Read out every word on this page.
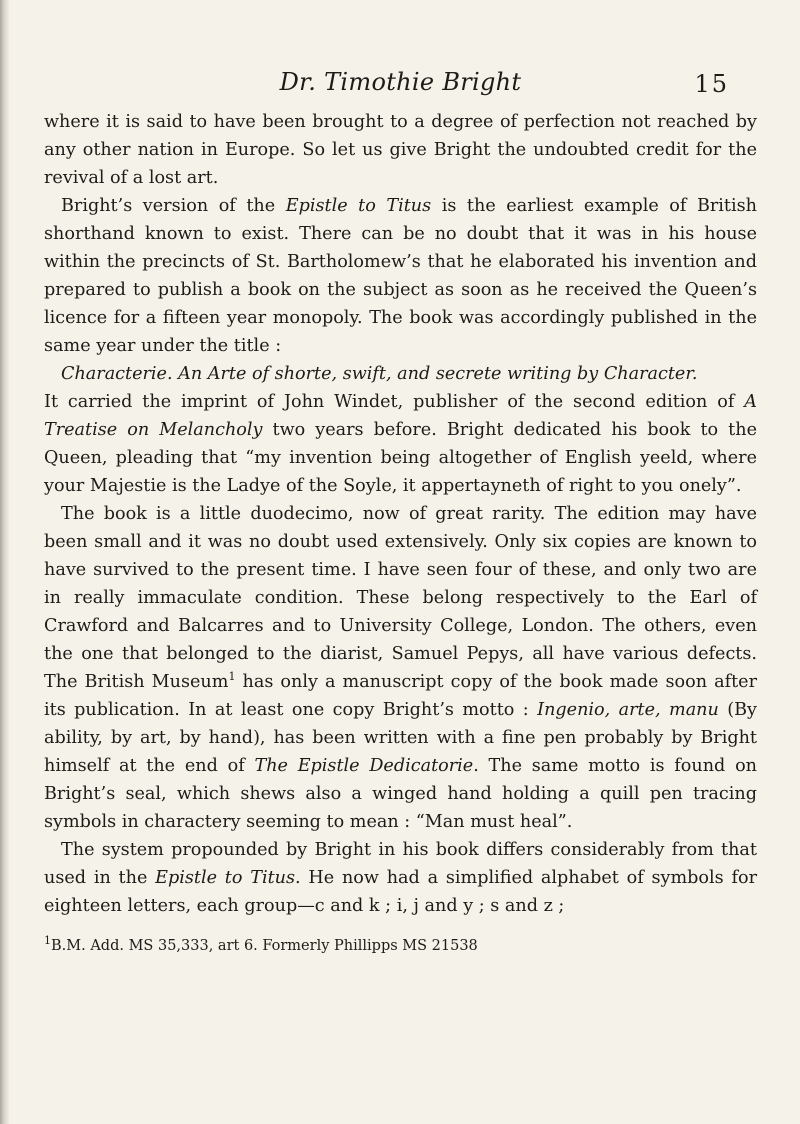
Dr. Timothie Bright	15

where it is said to have been brought to a degree of perfection not reached by any other nation in Europe. So let us give Bright the undoubted credit for the revival of a lost art.

Bright’s version of the Epistle to Titus is the earliest example of British shorthand known to exist. There can be no doubt that it was in his house within the precincts of St. Bartholomew’s that he elaborated his invention and prepared to publish a book on the subject as soon as he received the Queen’s licence for a fifteen year monopoly. The book was accordingly published in the same year under the title :

Characterie. An Arte of shorte, swift, and secrete writing by Character.

It carried the imprint of John Windet, publisher of the second edition of A Treatise on Melancholy two years before. Bright dedicated his book to the Queen, pleading that “my invention being altogether of English yeeld, where your Majestie is the Ladye of the Soyle, it appertayneth of right to you onely”.

The book is a little duodecimo, now of great rarity. The edition may have been small and it was no doubt used extensively. Only six copies are known to have survived to the present time. I have seen four of these, and only two are in really immaculate condition. These belong respectively to the Earl of Crawford and Balcarres and to University College, London. The others, even the one that belonged to the diarist, Samuel Pepys, all have various defects. The British Museum$^1$ has only a manuscript copy of the book made soon after its publication. In at least one copy Bright’s motto : Ingenio, arte, manu (By ability, by art, by hand), has been written with a fine pen probably by Bright himself at the end of The Epistle Dedicatorie. The same motto is found on Bright’s seal, which shews also a winged hand holding a quill pen tracing symbols in charactery seeming to mean : “Man must heal”.

The system propounded by Bright in his book differs considerably from that used in the Epistle to Titus. He now had a simplified alphabet of symbols for eighteen letters, each group—c and k ; i, j and y ; s and z ;

$^1$B.M. Add. MS 35,333, art 6. Formerly Phillipps MS 21538
